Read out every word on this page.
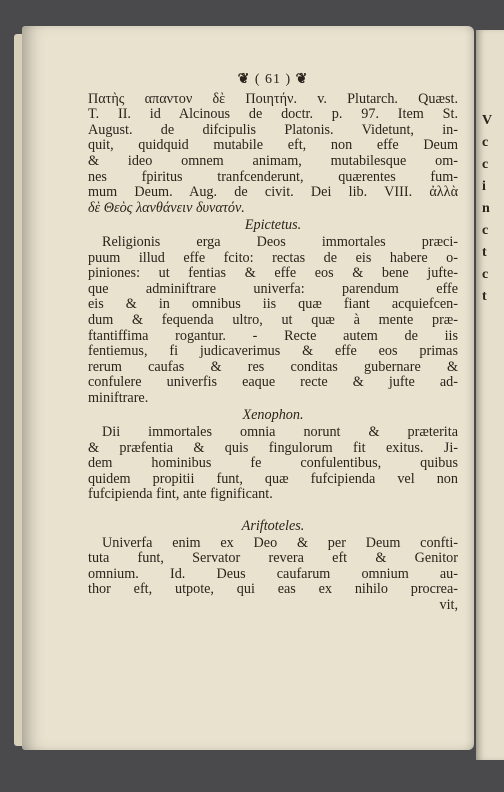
V
c
c
i
n
c
t
c
t
❦ ( 61 ) ❦
Πατὴς απαντον δὲ Ποιητήν. v. Plutarch. Quæst.
T. II. id Alcinous de doctr. p. 97. Item St.
August. de difcipulis Platonis. Videtunt, in-
quit, quidquid mutabile eft, non effe Deum
& ideo omnem animam, mutabilesque om-
nes fpiritus tranfcenderunt, quærentes fum-
mum Deum. Aug. de civit. Dei lib. VIII. ἀλλὰ
δὲ Θεὸς λανθάνειν δυνατόν.
Epictetus.
Religionis erga Deos immortales præci-
puum illud effe fcito: rectas de eis habere o-
piniones: ut fentias & effe eos & bene jufte-
que adminiftrare univerfa: parendum effe
eis & in omnibus iis quæ fiant acquiefcen-
dum & fequenda ultro, ut quæ à mente præ-
ftantiffima rogantur. - Recte autem de iis
fentiemus, fi judicaverimus & effe eos primas
rerum caufas & res conditas gubernare &
confulere univerfis eaque recte & jufte ad-
miniftrare.
Xenophon.
Dii immortales omnia norunt & præterita
& præfentia & quis fingulorum fit exitus. Ji-
dem hominibus fe confulentibus, quibus
quidem propitii funt, quæ fufcipienda vel non
fufcipienda fint, ante fignificant.
Ariftoteles.
Univerfa enim ex Deo & per Deum confti-
tuta funt, Servator revera eft & Genitor
omnium. Id. Deus caufarum omnium au-
thor eft, utpote, qui eas ex nihilo procrea-
vit,
